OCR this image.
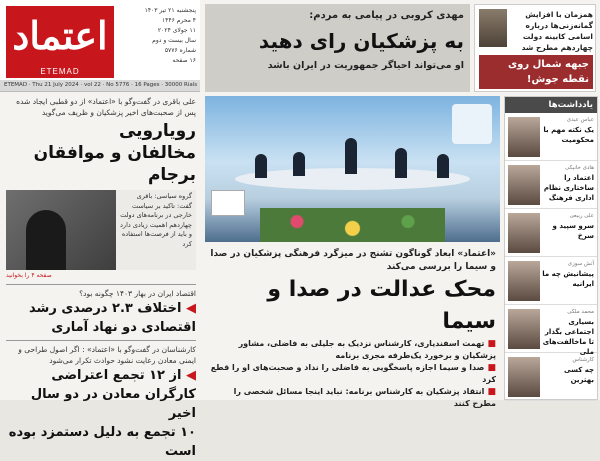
اعتماد
ETEMAD
پنجشنبه ۲۱ تیر ۱۴۰۳
۴ محرم ۱۴۴۶
۱۱ جولای ۲۰۲۴
سال بیست و دوم
شماره ۵۷۷۶
۱۶ صفحه
ETEMAD · Thu 21 July 2024 · vol 22 · No 5776 · 16 Pages · 30000 Rials
مهدی کروبی در پیامی به مردم:
به پزشکیان رای دهید
او می‌تواند احیاگر جمهوریت در ایران باشد
همزمان با افزایش گمانه‌زنی‌ها درباره اسامی کابینه دولت چهاردهم مطرح شد
جبهه شمال روی نقطه جوش!
علی باقری در گفت‌وگو با «اعتماد» از دو قطبی ایجاد شده پس از صحبت‌های اخیر پزشکیان و ظریف می‌گوید
رویارویی
مخالفان و موافقان برجام
گروه سیاسی: باقری گفت: تاکید بر سیاست خارجی در برنامه‌های دولت چهاردهم اهمیت زیادی دارد و باید از فرصت‌ها استفاده کرد
صفحه ۴ را بخوانید
اقتصاد ایران در بهار ۱۴۰۳ چگونه بود؟
◀ اختلاف ۲.۳ درصدی رشد اقتصادی دو نهاد آماری
کارشناسان در گفت‌وگو با «اعتماد» : اگر اصول طراحی و ایمنی معادن رعایت نشود حوادث تکرار می‌شود
◀ از ۱۲ تجمع اعتراضی
کارگران معادن در دو سال اخیر
۱۰ تجمع به دلیل دستمزد بوده است
«اعتماد» ابعاد گوناگون تشنج در میزگرد فرهنگی پزشکیان در صدا و سیما را بررسی می‌کند
محک عدالت در صدا و سیما
■ تهمت اسفندیاری، کارشناس نزدیک به جلیلی به فاضلی، مشاور پزشکیان و برخورد یک‌طرفه مجری برنامه
■ صدا و سیما اجازه پاسخگویی به فاضلی را نداد و صحبت‌های او را قطع کرد
■ انتقاد پزشکیان به کارشناس برنامه: نباید اینجا مسائل شخصی را مطرح کنند
یادداشت‌ها
عباس عبدی
یک نکته مهم با محکومیت
هادی خانیکی
اعتماد را ساختاری نظام اداری فرهنگ
علی ربیعی
سرو سپید و سرخ
آتش سوزی
پیشانیش چه ما ایرانیه
محمد ملکی
بسیاری اجتماعی بگذار تا ماخالفت‌های ملی
کارشناس
چه کسی بهترین
